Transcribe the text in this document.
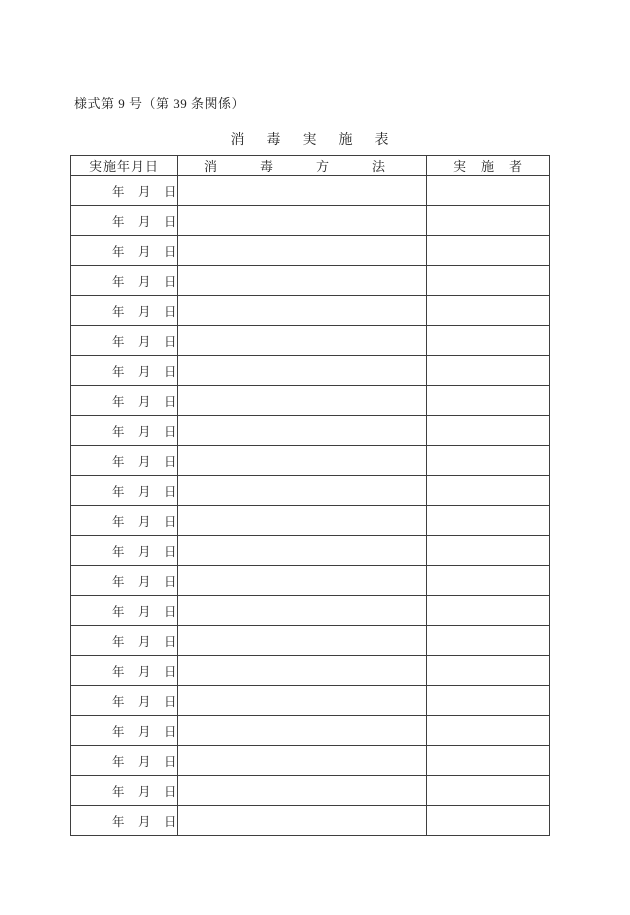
様式第 9 号（第 39 条関係）
消　毒　実　施　表
実施年月日	消　毒　方　法	実　施　者
年　月　日		
年　月　日		
年　月　日		
年　月　日		
年　月　日		
年　月　日		
年　月　日		
年　月　日		
年　月　日		
年　月　日		
年　月　日		
年　月　日		
年　月　日		
年　月　日		
年　月　日		
年　月　日		
年　月　日		
年　月　日		
年　月　日		
年　月　日		
年　月　日		
年　月　日		
